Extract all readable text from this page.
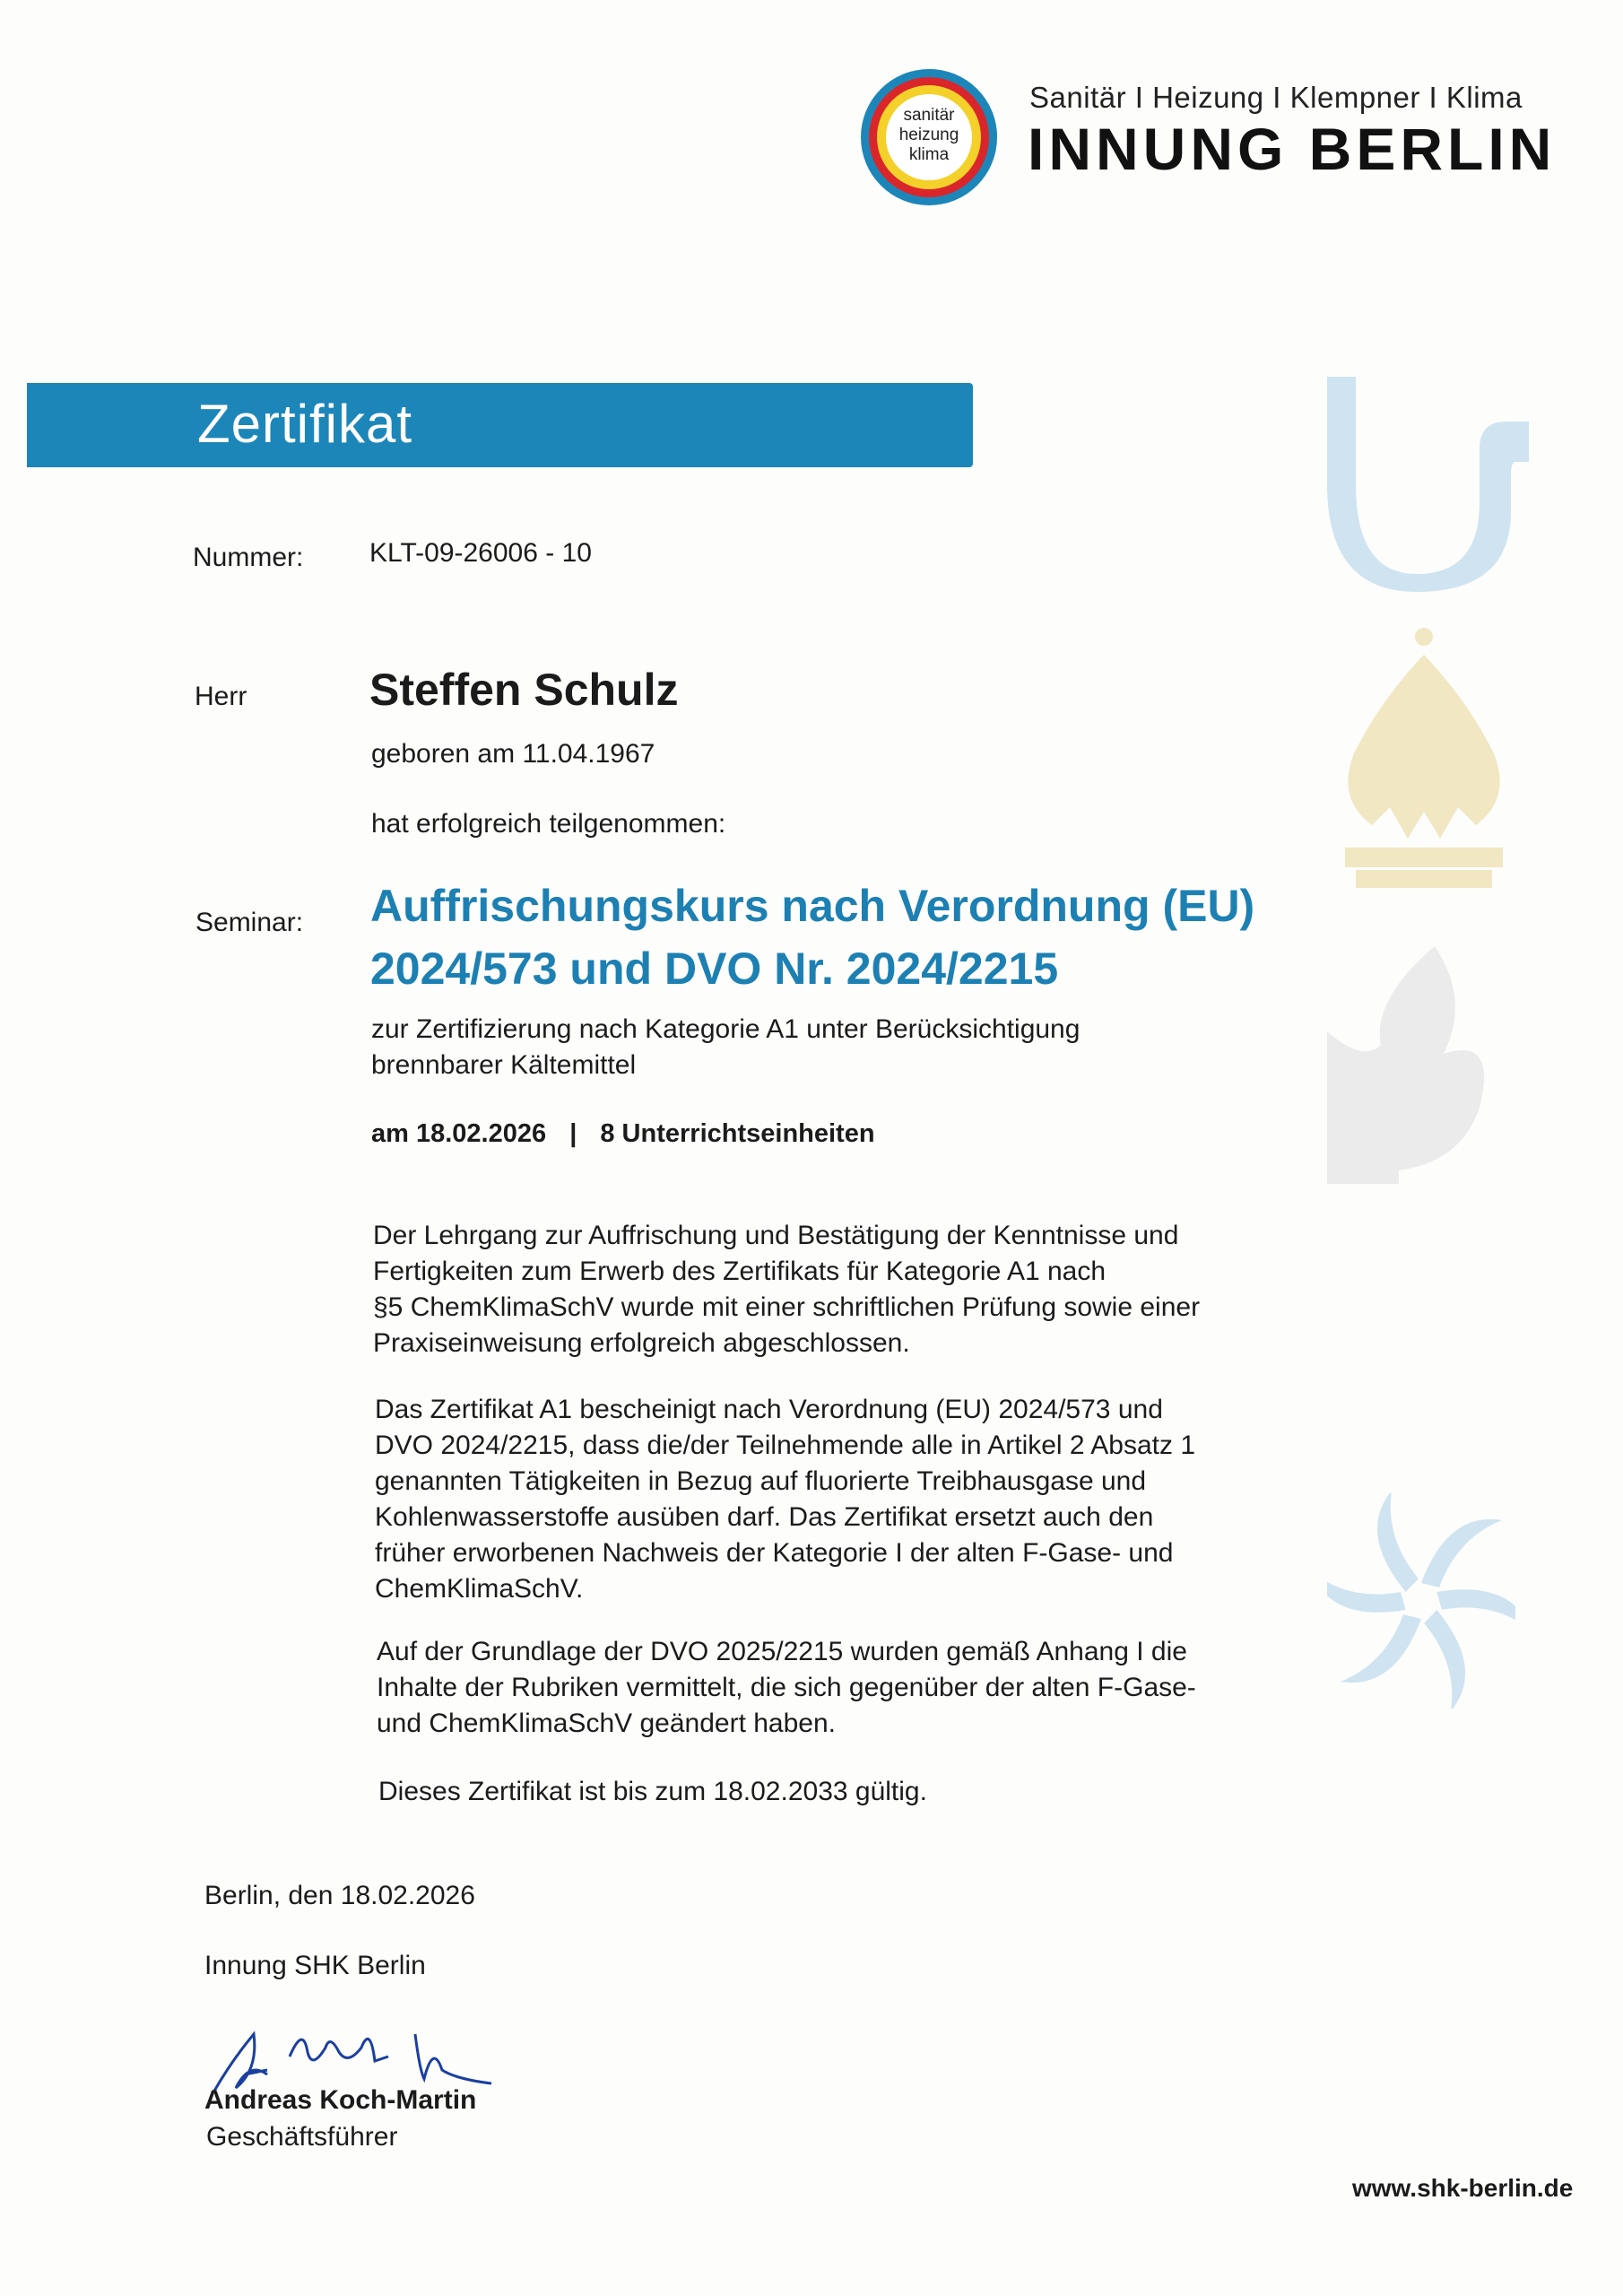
sanitär
heizung
klima
Sanitär I Heizung I Klempner I Klima
INNUNG BERLIN
Zertifikat
Nummer: KLT-09-26006 - 10
Herr	Steffen Schulz
geboren am 11.04.1967
hat erfolgreich teilgenommen:
Seminar: Auffrischungskurs nach Verordnung (EU)
2024/573 und DVO Nr. 2024/2215
zur Zertifizierung nach Kategorie A1 unter Berücksichtigung
brennbarer Kältemittel
am 18.02.2026 | 8 Unterrichtseinheiten
Der Lehrgang zur Auffrischung und Bestätigung der Kenntnisse und
Fertigkeiten zum Erwerb des Zertifikats für Kategorie A1 nach
§5 ChemKlimaSchV wurde mit einer schriftlichen Prüfung sowie einer
Praxiseinweisung erfolgreich abgeschlossen.
Das Zertifikat A1 bescheinigt nach Verordnung (EU) 2024/573 und
DVO 2024/2215, dass die/der Teilnehmende alle in Artikel 2 Absatz 1
genannten Tätigkeiten in Bezug auf fluorierte Treibhausgase und
Kohlenwasserstoffe ausüben darf. Das Zertifikat ersetzt auch den
früher erworbenen Nachweis der Kategorie I der alten F-Gase- und
ChemKlimaSchV.
Auf der Grundlage der DVO 2025/2215 wurden gemäß Anhang I die
Inhalte der Rubriken vermittelt, die sich gegenüber der alten F-Gase-
und ChemKlimaSchV geändert haben.
Dieses Zertifikat ist bis zum 18.02.2033 gültig.
Berlin, den 18.02.2026
Innung SHK Berlin
Andreas Koch-Martin
Geschäftsführer
www.shk-berlin.de
